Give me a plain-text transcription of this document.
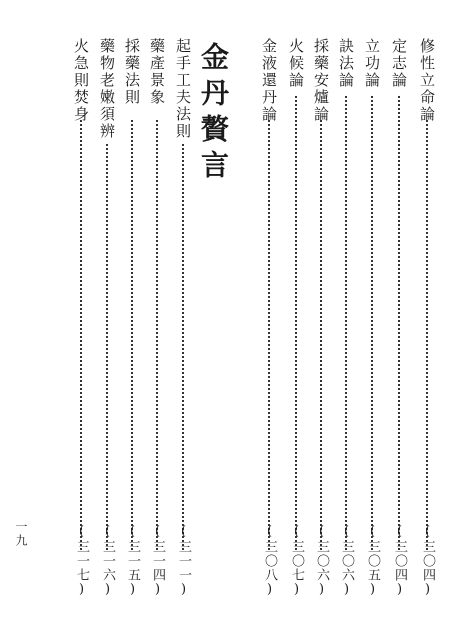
修性立命論
(三〇四)
定志論
(三〇四)
立功論
(三〇五)
訣法論
(三〇六)
採藥安爐論
(三〇六)
火候論
(三〇七)
金液還丹論
(三〇八)
金丹贅言
起手工夫法則
(三一一)
藥產景象
(三一四)
採藥法則
(三一五)
藥物老嫩須辨
(三一六)
火急則焚身
(三一七)
一九
